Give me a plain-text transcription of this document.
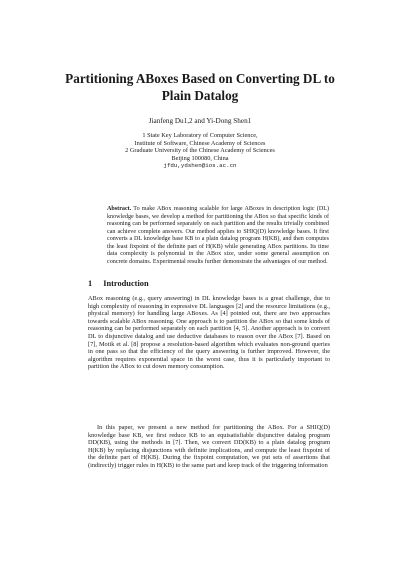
Partitioning ABoxes Based on Converting DL to
Plain Datalog
Jianfeng Du1,2 and Yi-Dong Shen1
1 State Key Laboratory of Computer Science,
Institute of Software, Chinese Academy of Sciences
2 Graduate University of the Chinese Academy of Sciences
Beijing 100080, China
jfdu,ydshen@ios.ac.cn
Abstract. To make ABox reasoning scalable for large ABoxes in description logic (DL) knowledge bases, we develop a method for partitioning the ABox so that specific kinds of reasoning can be performed separately on each partition and the results trivially combined can achieve complete answers. Our method applies to SHIQ(D) knowledge bases. It first converts a DL knowledge base KB to a plain datalog program H(KB), and then computes the least fixpoint of the definite part of H(KB) while generating ABox partitions. Its time data complexity is polynomial in the ABox size, under some general assumption on concrete domains. Experimental results further demonstrate the advantages of our method.
1 Introduction
ABox reasoning (e.g., query answering) in DL knowledge bases is a great challenge, due to high complexity of reasoning in expressive DL languages [2] and the resource limitations (e.g., physical memory) for handling large ABoxes. As [4] pointed out, there are two approaches towards scalable ABox reasoning. One approach is to partition the ABox so that some kinds of reasoning can be performed separately on each partition [4, 5]. Another approach is to convert DL to disjunctive datalog and use deductive databases to reason over the ABox [7]. Based on [7], Motik et al. [8] propose a resolution-based algorithm which evaluates non-ground queries in one pass so that the efficiency of the query answering is further improved. However, the algorithm requires exponential space in the worst case, thus it is particularly important to partition the ABox to cut down memory consumption.
In this paper, we present a new method for partitioning the ABox. For a SHIQ(D) knowledge base KB, we first reduce KB to an equisatisfiable disjunctive datalog program DD(KB), using the methods in [7]. Then, we convert DD(KB) to a plain datalog program H(KB) by replacing disjunctions with definite implications, and compute the least fixpoint of the definite part of H(KB). During the fixpoint computation, we put sets of assertions that (indirectly) trigger rules in H(KB) to the same part and keep track of the triggering information
